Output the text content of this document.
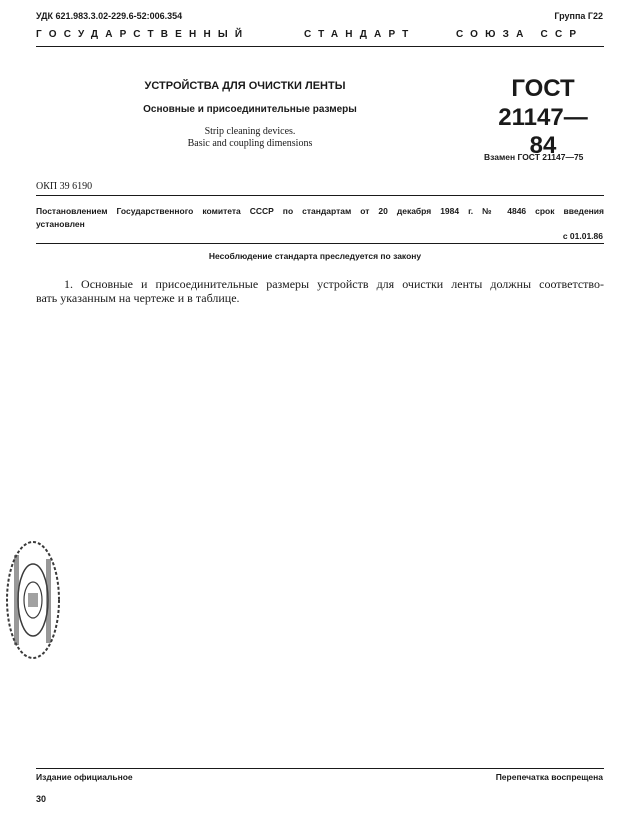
УДК 621.983.3.02-229.6-52:006.354	Группа Г22
ГОСУДАРСТВЕННЫЙ	СТАНДАРТ	СОЮЗА ССР
УСТРОЙСТВА ДЛЯ ОЧИСТКИ ЛЕНТЫ
Основные и присоединительные размеры
Strip cleaning devices.
Basic and coupling dimensions
ГОСТ
21147—84
Взамен ГОСТ 21147—75
ОКП 39 6190
Постановлением Государственного комитета СССР по стандартам от 20 декабря 1984 г. № 4846 срок введения
установлен
с 01.01.86
Несоблюдение стандарта преследуется по закону
1. Основные и присоединительные размеры устройств для очистки ленты должны соответство-
вать указанным на чертеже и в таблице.
Издание официальное	Перепечатка воспрещена
30
